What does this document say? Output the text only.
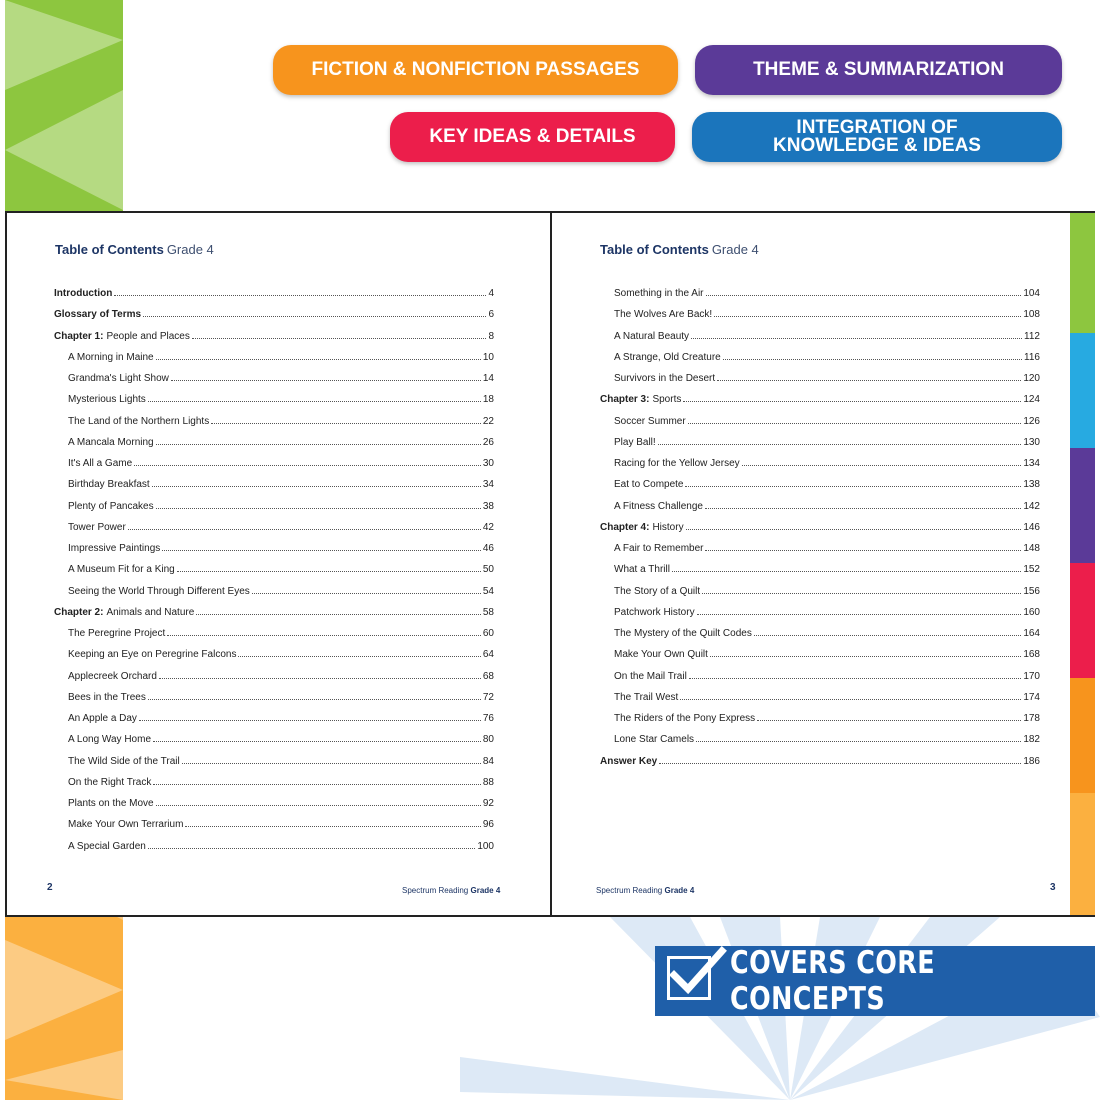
FICTION & NONFICTION PASSAGES	THEME & SUMMARIZATION
KEY IDEAS & DETAILS	INTEGRATION OF
KNOWLEDGE & IDEAS
Table of Contents Grade 4
Introduction	4
Glossary of Terms	6
Chapter 1: People and Places	8
A Morning in Maine	10
Grandma's Light Show	14
Mysterious Lights	18
The Land of the Northern Lights	22
A Mancala Morning	26
It's All a Game	30
Birthday Breakfast	34
Plenty of Pancakes	38
Tower Power	42
Impressive Paintings	46
A Museum Fit for a King	50
Seeing the World Through Different Eyes	54
Chapter 2: Animals and Nature	58
The Peregrine Project	60
Keeping an Eye on Peregrine Falcons	64
Applecreek Orchard	68
Bees in the Trees	72
An Apple a Day	76
A Long Way Home	80
The Wild Side of the Trail	84
On the Right Track	88
Plants on the Move	92
Make Your Own Terrarium	96
A Special Garden	100
2	Spectrum Reading Grade 4
Table of Contents Grade 4
Something in the Air	104
The Wolves Are Back!	108
A Natural Beauty	112
A Strange, Old Creature	116
Survivors in the Desert	120
Chapter 3: Sports	124
Soccer Summer	126
Play Ball!	130
Racing for the Yellow Jersey	134
Eat to Compete	138
A Fitness Challenge	142
Chapter 4: History	146
A Fair to Remember	148
What a Thrill	152
The Story of a Quilt	156
Patchwork History	160
The Mystery of the Quilt Codes	164
Make Your Own Quilt	168
On the Mail Trail	170
The Trail West	174
The Riders of the Pony Express	178
Lone Star Camels	182
Answer Key	186
3
Spectrum Reading Grade 4
COVERS CORE CONCEPTS
